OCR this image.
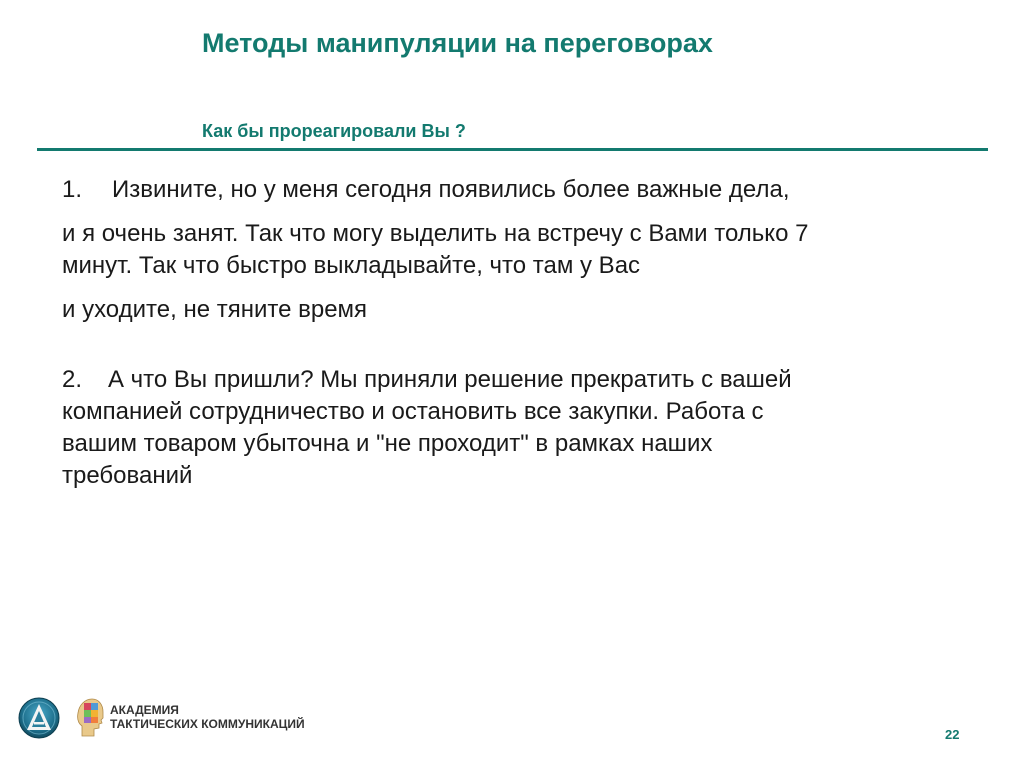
Методы манипуляции на переговорах
Как бы прореагировали Вы ?

1. Извините, но у меня сегодня появились более важные дела,

и я очень занят. Так что могу выделить на встречу с Вами только 7

минут. Так что быстро выкладывайте, что там у Вас

и уходите, не тяните время

2. А что Вы пришли? Мы приняли решение прекратить с вашей

компанией сотрудничество и остановить все закупки. Работа с

вашим товаром убыточна и "не проходит" в рамках наших

требований

АКАДЕМИЯ
ТАКТИЧЕСКИХ КОММУНИКАЦИЙ
22
